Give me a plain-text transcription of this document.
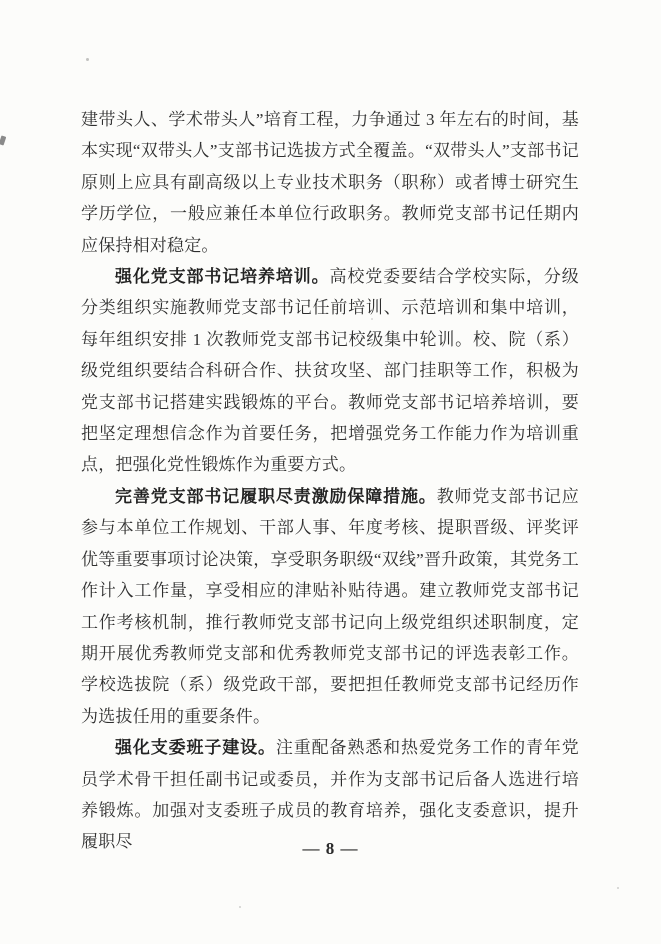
建带头人、学术带头人”培育工程，力争通过 3 年左右的时间，基本实现“双带头人”支部书记选拔方式全覆盖。“双带头人”支部书记原则上应具有副高级以上专业技术职务（职称）或者博士研究生学历学位，一般应兼任本单位行政职务。教师党支部书记任期内应保持相对稳定。

强化党支部书记培养培训。高校党委要结合学校实际，分级分类组织实施教师党支部书记任前培训、示范培训和集中培训，每年组织安排 1 次教师党支部书记校级集中轮训。校、院（系）级党组织要结合科研合作、扶贫攻坚、部门挂职等工作，积极为党支部书记搭建实践锻炼的平台。教师党支部书记培养培训，要把坚定理想信念作为首要任务，把增强党务工作能力作为培训重点，把强化党性锻炼作为重要方式。

完善党支部书记履职尽责激励保障措施。教师党支部书记应参与本单位工作规划、干部人事、年度考核、提职晋级、评奖评优等重要事项讨论决策，享受职务职级“双线”晋升政策，其党务工作计入工作量，享受相应的津贴补贴待遇。建立教师党支部书记工作考核机制，推行教师党支部书记向上级党组织述职制度，定期开展优秀教师党支部和优秀教师党支部书记的评选表彰工作。学校选拔院（系）级党政干部，要把担任教师党支部书记经历作为选拔任用的重要条件。

强化支委班子建设。注重配备熟悉和热爱党务工作的青年党员学术骨干担任副书记或委员，并作为支部书记后备人选进行培养锻炼。加强对支委班子成员的教育培养，强化支委意识，提升履职尽	— 8 —
